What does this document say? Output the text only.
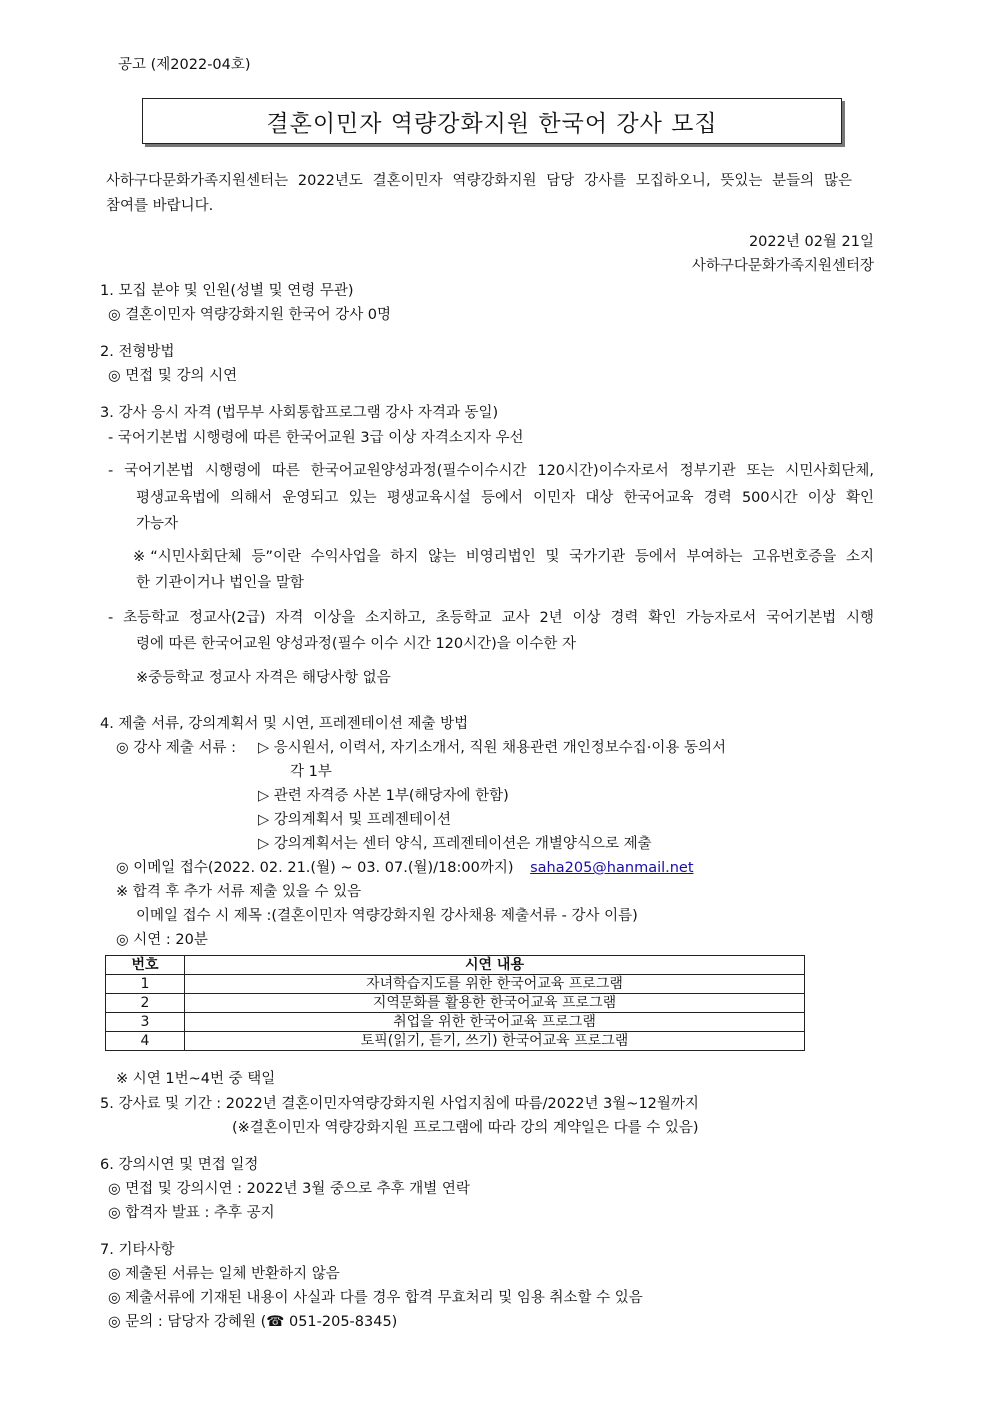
공고 (제2022-04호)
결혼이민자 역량강화지원 한국어 강사 모집
사하구다문화가족지원센터는 2022년도 결혼이민자 역량강화지원 담당 강사를 모집하오니, 뜻있는 분들의 많은
참여를 바랍니다.
2022년 02월 21일
사하구다문화가족지원센터장
1. 모집 분야 및 인원(성별 및 연령 무관)
◎ 결혼이민자 역량강화지원 한국어 강사 0명
2. 전형방법
◎ 면접 및 강의 시연
3. 강사 응시 자격 (법무부 사회통합프로그램 강사 자격과 동일)
- 국어기본법 시행령에 따른 한국어교원 3급 이상 자격소지자 우선
- 국어기본법 시행령에 따른 한국어교원양성과정(필수이수시간 120시간)이수자로서 정부기관 또는 시민사회단체,
평생교육법에 의해서 운영되고 있는 평생교육시설 등에서 이민자 대상 한국어교육 경력 500시간 이상 확인
가능자
※“시민사회단체 등”이란 수익사업을 하지 않는 비영리법인 및 국가기관 등에서 부여하는 고유번호증을 소지
한 기관이거나 법인을 말함
- 초등학교 정교사(2급) 자격 이상을 소지하고, 초등학교 교사 2년 이상 경력 확인 가능자로서 국어기본법 시행
령에 따른 한국어교원 양성과정(필수 이수 시간 120시간)을 이수한 자
※중등학교 정교사 자격은 해당사항 없음
4. 제출 서류, 강의계획서 및 시연, 프레젠테이션 제출 방법
◎ 강사 제출 서류 : ▷ 응시원서, 이력서, 자기소개서, 직원 채용관련 개인정보수집·이용 동의서
각 1부
▷ 관련 자격증 사본 1부(해당자에 한함)
▷ 강의계획서 및 프레젠테이션
▷ 강의계획서는 센터 양식, 프레젠테이션은 개별양식으로 제출
◎ 이메일 접수(2022. 02. 21.(월) ~ 03. 07.(월)/18:00까지) saha205@hanmail.net
※ 합격 후 추가 서류 제출 있을 수 있음
이메일 접수 시 제목 :(결혼이민자 역량강화지원 강사채용 제출서류 - 강사 이름)
◎ 시연 : 20분
번호	시연 내용
1	자녀학습지도를 위한 한국어교육 프로그램
2	지역문화를 활용한 한국어교육 프로그램
3	취업을 위한 한국어교육 프로그램
4	토픽(읽기, 듣기, 쓰기) 한국어교육 프로그램
※ 시연 1번~4번 중 택일
5. 강사료 및 기간 : 2022년 결혼이민자역량강화지원 사업지침에 따름/2022년 3월~12월까지
(※결혼이민자 역량강화지원 프로그램에 따라 강의 계약일은 다를 수 있음)
6. 강의시연 및 면접 일정
◎ 면접 및 강의시연 : 2022년 3월 중으로 추후 개별 연락
◎ 합격자 발표 : 추후 공지
7. 기타사항
◎ 제출된 서류는 일체 반환하지 않음
◎ 제출서류에 기재된 내용이 사실과 다를 경우 합격 무효처리 및 임용 취소할 수 있음
◎ 문의 : 담당자 강혜원 (☎ 051-205-8345)
